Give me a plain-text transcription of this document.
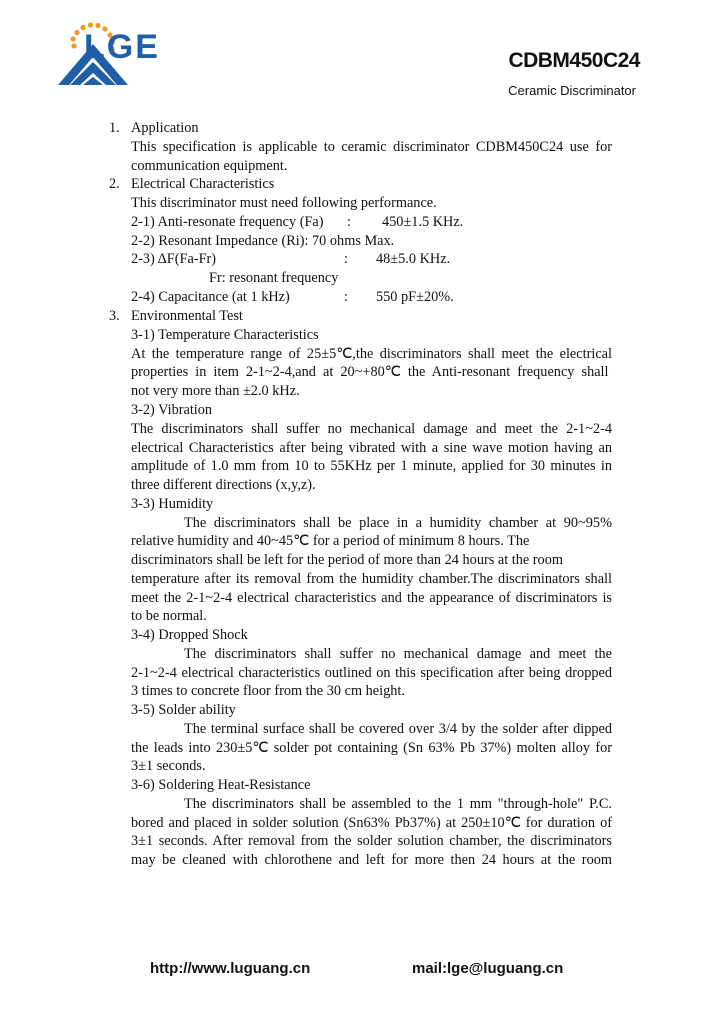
LGE	CDBM450C24
Ceramic Discriminator
1. Application
This specification is applicable to ceramic discriminator CDBM450C24 use for
communication equipment.
2. Electrical Characteristics
This discriminator must need following performance.
2-1) Anti-resonate frequency (Fa) : 450±1.5 KHz.
2-2) Resonant Impedance (Ri): 70 ohms Max.
2-3) ΔF(Fa-Fr)	: 48±5.0 KHz.
Fr: resonant frequency
2-4) Capacitance (at 1 kHz)	: 550 pF±20%.
3. Environmental Test
3-1) Temperature Characteristics
At the temperature range of 25±5℃,the discriminators shall meet the electrical
properties in item 2-1~2-4,and at 20~+80℃ the Anti-resonant frequency shall
not very more than ±2.0 kHz.
3-2) Vibration
The discriminators shall suffer no mechanical damage and meet the 2-1~2-4
electrical Characteristics after being vibrated with a sine wave motion having an
amplitude of 1.0 mm from 10 to 55KHz per 1 minute, applied for 30 minutes in
three different directions (x,y,z).
3-3) Humidity
The discriminators shall be place in a humidity chamber at 90~95%
relative humidity and 40~45℃ for a period of minimum 8 hours. The
discriminators shall be left for the period of more than 24 hours at the room
temperature after its removal from the humidity chamber.The discriminators shall
meet the 2-1~2-4 electrical characteristics and the appearance of discriminators is
to be normal.
3-4) Dropped Shock
The discriminators shall suffer no mechanical damage and meet the
2-1~2-4 electrical characteristics outlined on this specification after being dropped
3 times to concrete floor from the 30 cm height.
3-5) Solder ability
The terminal surface shall be covered over 3/4 by the solder after dipped
the leads into 230±5℃ solder pot containing (Sn 63% Pb 37%) molten alloy for
3±1 seconds.
3-6) Soldering Heat-Resistance
The discriminators shall be assembled to the 1 mm "through-hole" P.C.
bored and placed in solder solution (Sn63% Pb37%) at 250±10℃ for duration of
3±1 seconds. After removal from the solder solution chamber, the discriminators
may be cleaned with chlorothene and left for more then 24 hours at the room
http://www.luguang.cn	mail:lge@luguang.cn
